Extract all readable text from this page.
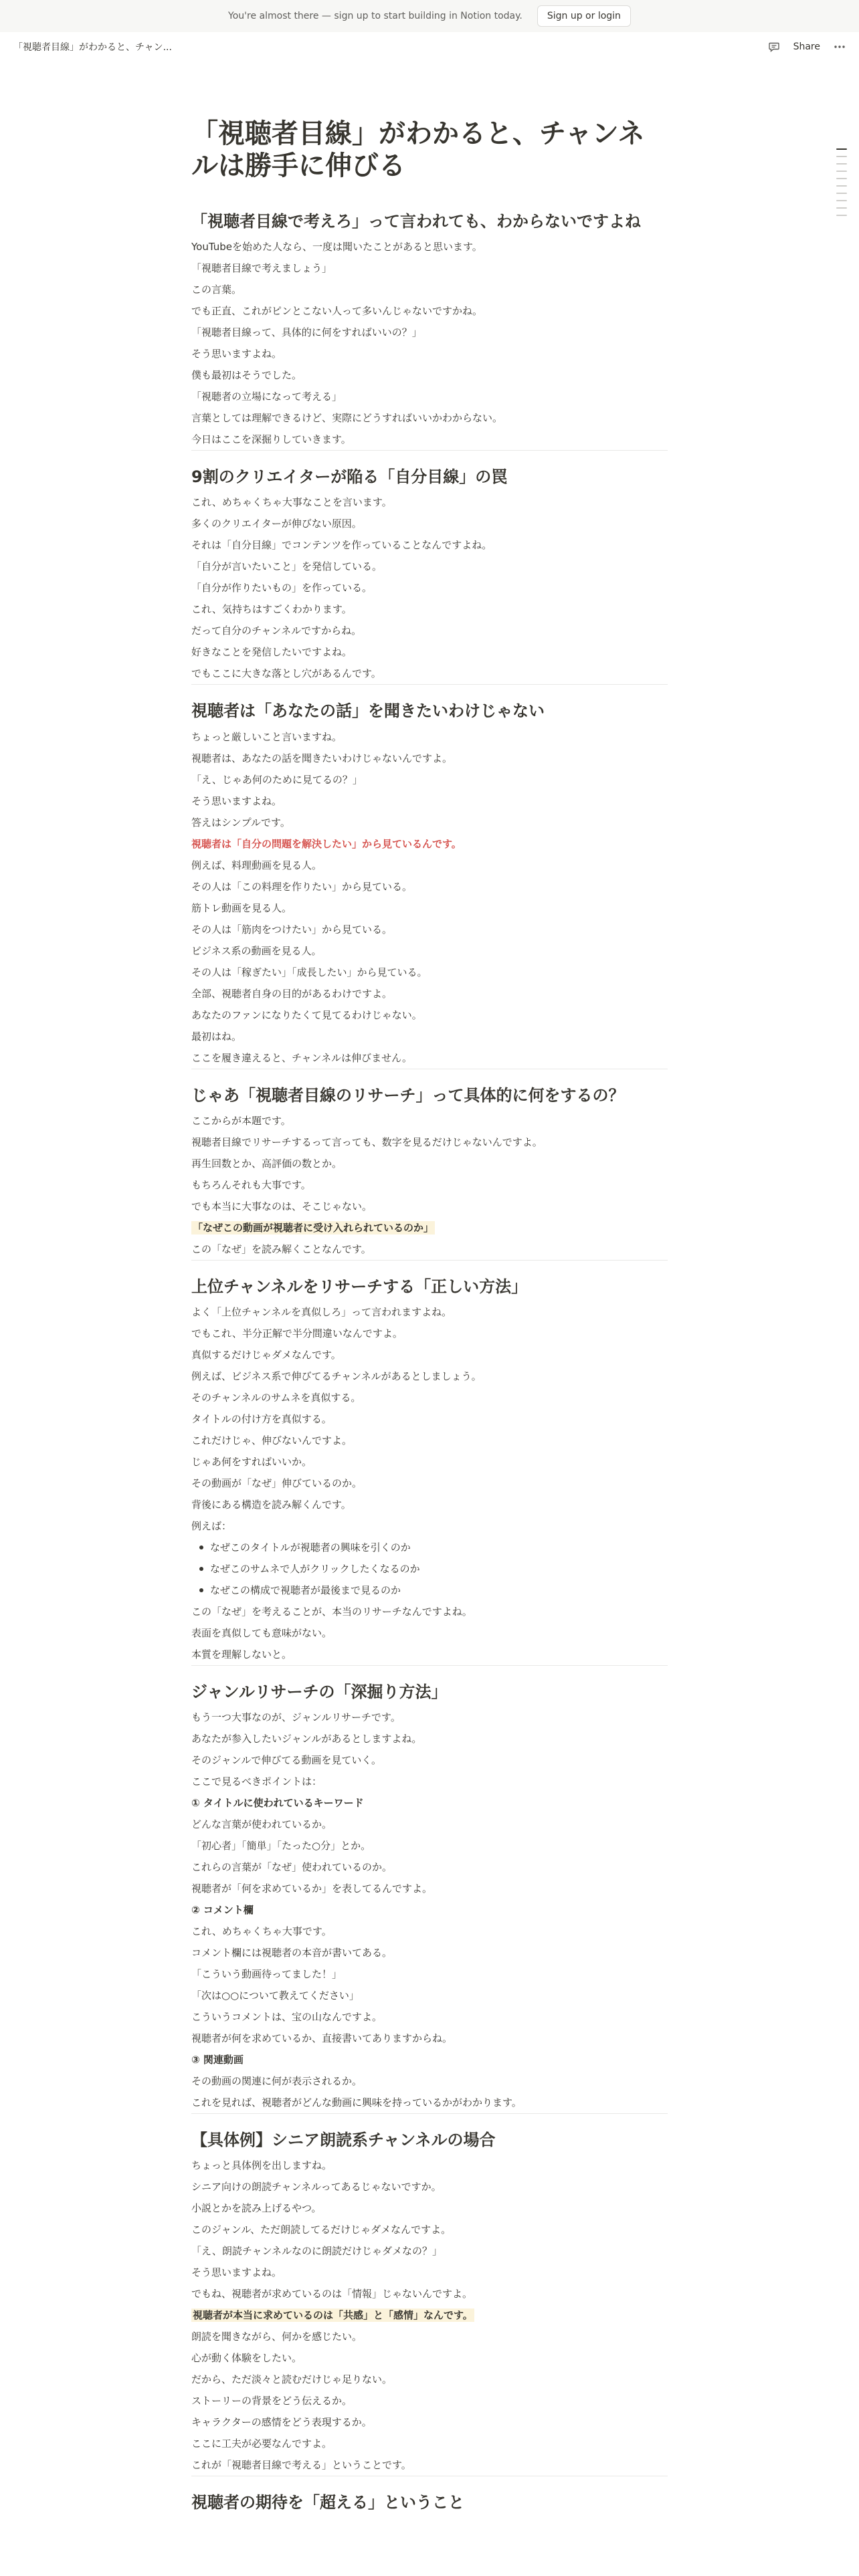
You're almost there — sign up to start building in Notion today.	Sign up or login
「視聴者目線」がわかると、チャン...	Share
「視聴者目線」がわかると、チャンネルは勝手に伸びる
「視聴者目線で考えろ」って言われても、わからないですよね
YouTubeを始めた人なら、一度は聞いたことがあると思います。
「視聴者目線で考えましょう」
この言葉。
でも正直、これがピンとこない人って多いんじゃないですかね。
「視聴者目線って、具体的に何をすればいいの？」
そう思いますよね。
僕も最初はそうでした。
「視聴者の立場になって考える」
言葉としては理解できるけど、実際にどうすればいいかわからない。
今日はここを深掘りしていきます。
9割のクリエイターが陥る「自分目線」の罠
これ、めちゃくちゃ大事なことを言います。
多くのクリエイターが伸びない原因。
それは「自分目線」でコンテンツを作っていることなんですよね。
「自分が言いたいこと」を発信している。
「自分が作りたいもの」を作っている。
これ、気持ちはすごくわかります。
だって自分のチャンネルですからね。
好きなことを発信したいですよね。
でもここに大きな落とし穴があるんです。
視聴者は「あなたの話」を聞きたいわけじゃない
ちょっと厳しいこと言いますね。
視聴者は、あなたの話を聞きたいわけじゃないんですよ。
「え、じゃあ何のために見てるの？」
そう思いますよね。
答えはシンプルです。
視聴者は「自分の問題を解決したい」から見ているんです。
例えば、料理動画を見る人。
その人は「この料理を作りたい」から見ている。
筋トレ動画を見る人。
その人は「筋肉をつけたい」から見ている。
ビジネス系の動画を見る人。
その人は「稼ぎたい」「成長したい」から見ている。
全部、視聴者自身の目的があるわけですよ。
あなたのファンになりたくて見てるわけじゃない。
最初はね。
ここを履き違えると、チャンネルは伸びません。
じゃあ「視聴者目線のリサーチ」って具体的に何をするの？
ここからが本題です。
視聴者目線でリサーチするって言っても、数字を見るだけじゃないんですよ。
再生回数とか、高評価の数とか。
もちろんそれも大事です。
でも本当に大事なのは、そこじゃない。
「なぜこの動画が視聴者に受け入れられているのか」
この「なぜ」を読み解くことなんです。
上位チャンネルをリサーチする「正しい方法」
よく「上位チャンネルを真似しろ」って言われますよね。
でもこれ、半分正解で半分間違いなんですよ。
真似するだけじゃダメなんです。
例えば、ビジネス系で伸びてるチャンネルがあるとしましょう。
そのチャンネルのサムネを真似する。
タイトルの付け方を真似する。
これだけじゃ、伸びないんですよ。
じゃあ何をすればいいか。
その動画が「なぜ」伸びているのか。
背後にある構造を読み解くんです。
例えば：
なぜこのタイトルが視聴者の興味を引くのか
なぜこのサムネで人がクリックしたくなるのか
なぜこの構成で視聴者が最後まで見るのか
この「なぜ」を考えることが、本当のリサーチなんですよね。
表面を真似しても意味がない。
本質を理解しないと。
ジャンルリサーチの「深掘り方法」
もう一つ大事なのが、ジャンルリサーチです。
あなたが参入したいジャンルがあるとしますよね。
そのジャンルで伸びてる動画を見ていく。
ここで見るべきポイントは：
① タイトルに使われているキーワード
どんな言葉が使われているか。
「初心者」「簡単」「たった○分」とか。
これらの言葉が「なぜ」使われているのか。
視聴者が「何を求めているか」を表してるんですよ。
② コメント欄
これ、めちゃくちゃ大事です。
コメント欄には視聴者の本音が書いてある。
「こういう動画待ってました！」
「次は○○について教えてください」
こういうコメントは、宝の山なんですよ。
視聴者が何を求めているか、直接書いてありますからね。
③ 関連動画
その動画の関連に何が表示されるか。
これを見れば、視聴者がどんな動画に興味を持っているかがわかります。
【具体例】シニア朗読系チャンネルの場合
ちょっと具体例を出しますね。
シニア向けの朗読チャンネルってあるじゃないですか。
小説とかを読み上げるやつ。
このジャンル、ただ朗読してるだけじゃダメなんですよ。
「え、朗読チャンネルなのに朗読だけじゃダメなの？」
そう思いますよね。
でもね、視聴者が求めているのは「情報」じゃないんですよ。
視聴者が本当に求めているのは「共感」と「感情」なんです。
朗読を聞きながら、何かを感じたい。
心が動く体験をしたい。
だから、ただ淡々と読むだけじゃ足りない。
ストーリーの背景をどう伝えるか。
キャラクターの感情をどう表現するか。
ここに工夫が必要なんですよ。
これが「視聴者目線で考える」ということです。
視聴者の期待を「超える」ということ
